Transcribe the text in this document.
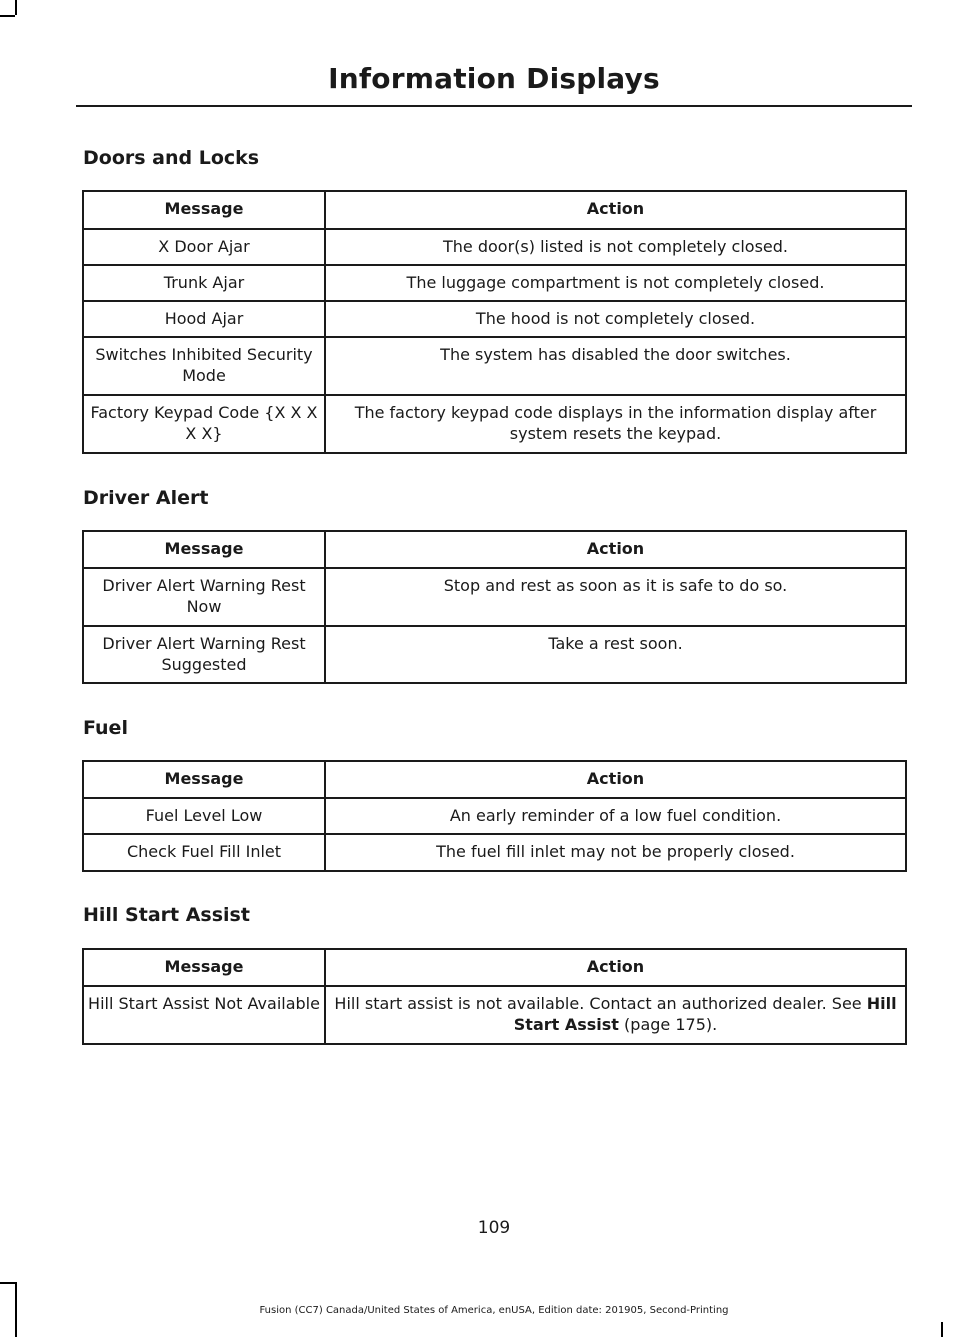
Information Displays
Doors and Locks
Message	Action
X Door Ajar	The door(s) listed is not completely closed.
Trunk Ajar	The luggage compartment is not completely closed.
Hood Ajar	The hood is not completely closed.
Switches Inhibited Security Mode	The system has disabled the door switches.
Factory Keypad Code {X X X X X}	The factory keypad code displays in the information display after system resets the keypad.
Driver Alert
Message	Action
Driver Alert Warning Rest Now	Stop and rest as soon as it is safe to do so.
Driver Alert Warning Rest Suggested	Take a rest soon.
Fuel
Message	Action
Fuel Level Low	An early reminder of a low fuel condition.
Check Fuel Fill Inlet	The fuel fill inlet may not be properly closed.
Hill Start Assist
Message	Action
Hill Start Assist Not Available	Hill start assist is not available. Contact an authorized dealer. See Hill Start Assist (page 175).
109
Fusion (CC7) Canada/United States of America, enUSA, Edition date: 201905, Second-Printing
